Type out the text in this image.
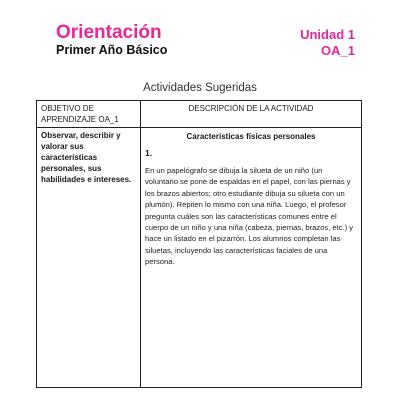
Orientación
Primer Año Básico
Unidad 1
OA_1
Actividades Sugeridas
OBJETIVO DE APRENDIZAJE OA_1	DESCRIPCIÓN DE LA ACTIVIDAD

Observar, describir y valorar sus características personales, sus habilidades e intereses.	Características físicas personales
1.
En un papelógrafo se dibuja la silueta de un niño (un voluntario se pone de espaldas en el papel, con las piernas y los brazos abiertos; otro estudiante dibuja su silueta con un plumón). Repiten lo mismo con una niña. Luego, el profesor pregunta cuáles son las características comunes entre el cuerpo de un niño y una niña (cabeza, piernas, brazos, etc.) y hace un listado en el pizarrón. Los alumnos completan las siluetas, incluyendo las características faciales de una persona.
